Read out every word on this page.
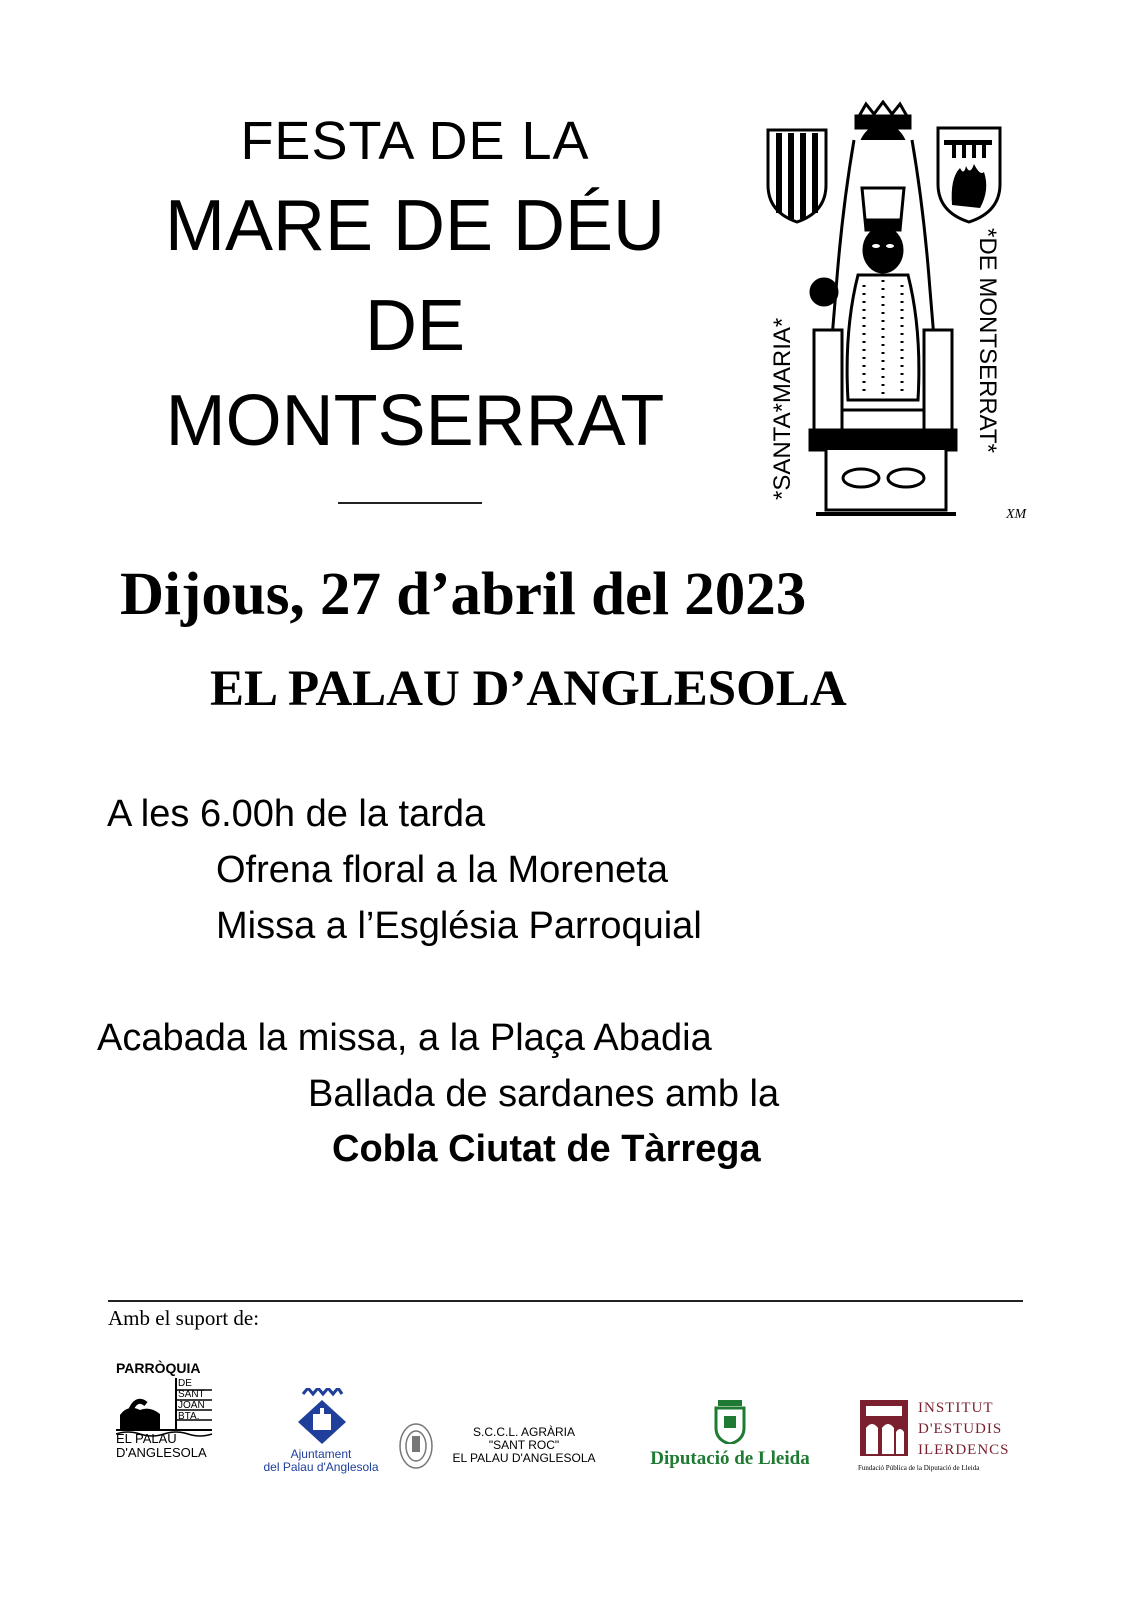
FESTA DE LA
MARE DE DÉU
DE
MONTSERRAT	*SANTA*MARIA*	*DE MONTSERRAT*
XM
Dijous, 27 d’abril del 2023
EL PALAU D’ANGLESOLA
A les 6.00h de la tarda
Ofrena floral a la Moreneta
Missa a l’Església Parroquial
Acabada la missa, a la Plaça Abadia
Ballada de sardanes amb la
Cobla Ciutat de Tàrrega
Amb el suport de:
PARRÒQUIA
DE
SANT
JOAN
BTA.
EL PALAU
D'ANGLESOLA	Ajuntament
del Palau d'Anglesola
S.C.C.L. AGRÀRIA
"SANT ROC"
EL PALAU D'ANGLESOLA	Diputació de Lleida
INSTITUT
D'ESTUDIS
ILERDENCS
Fundació Pública de la Diputació de Lleida
